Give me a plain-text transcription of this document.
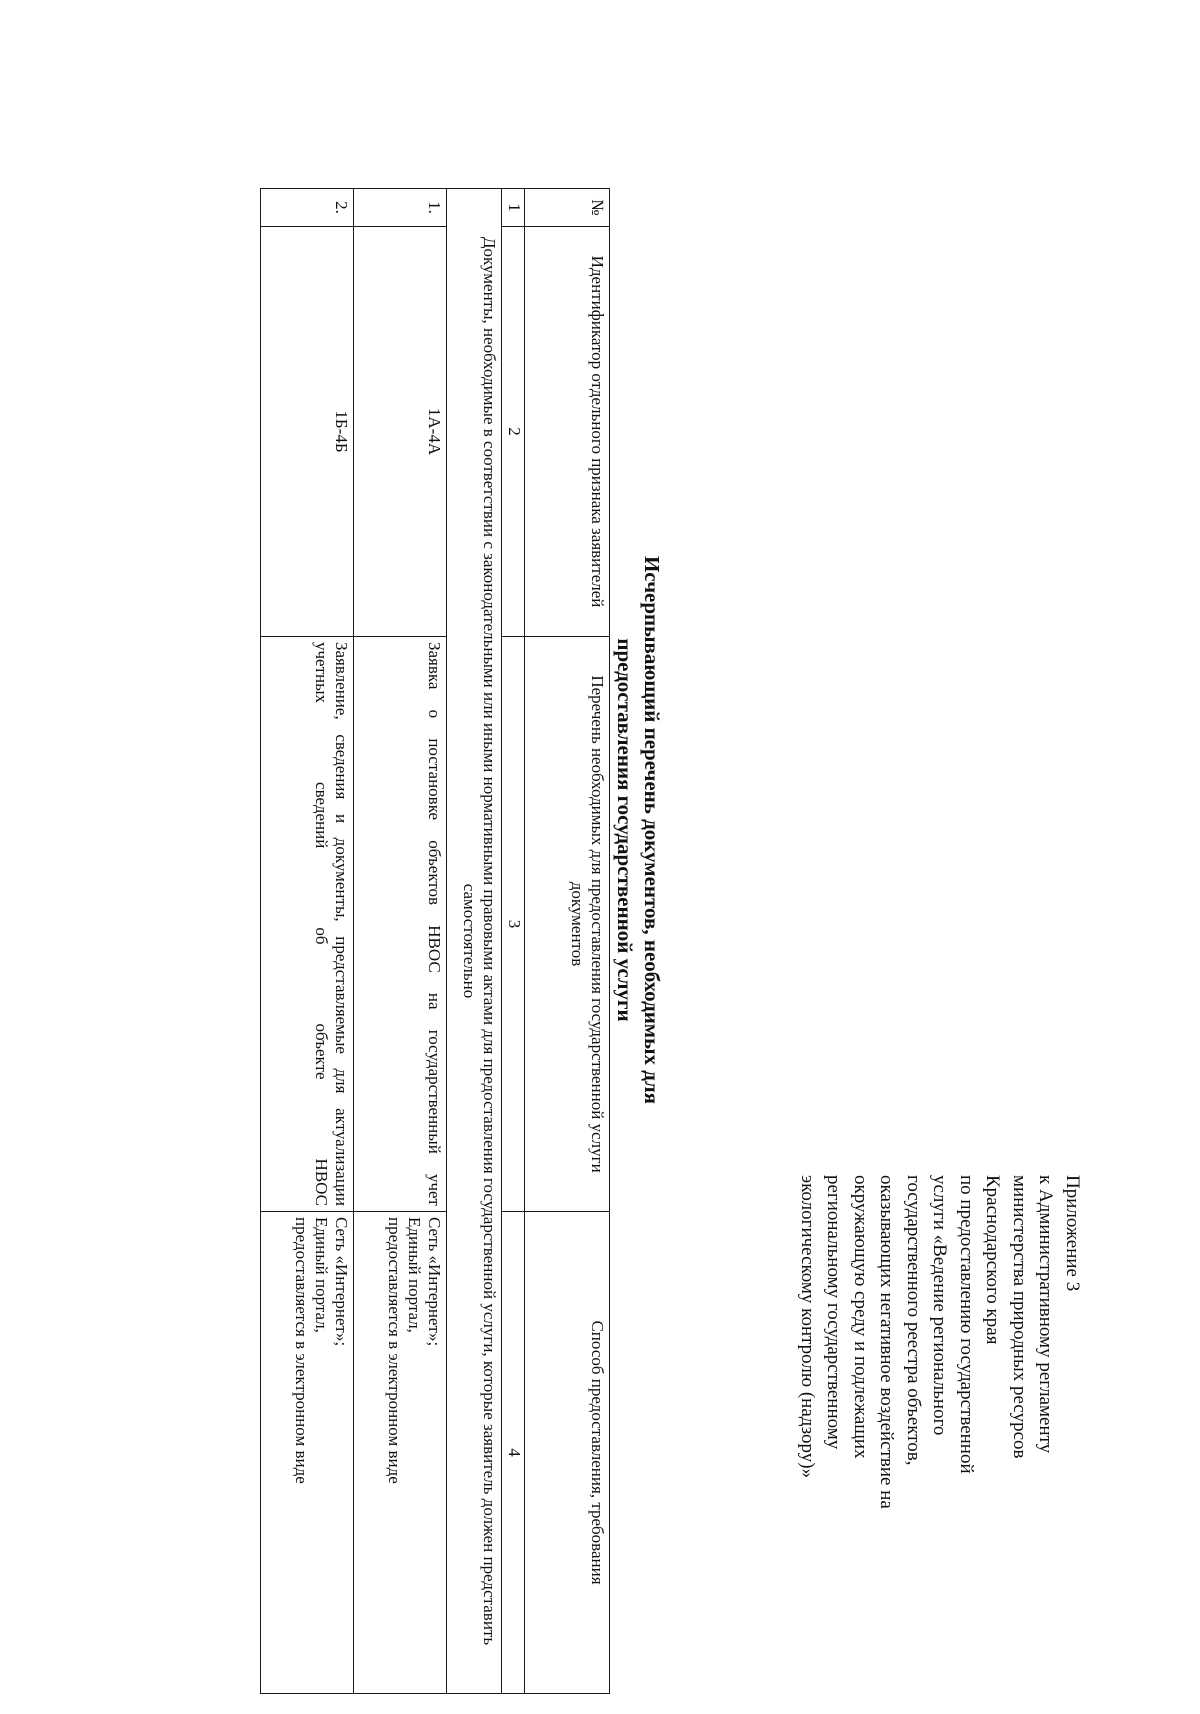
Приложение 3
к Административному регламенту
министерства природных ресурсов
Краснодарского края
по предоставлению государственной
услуги «Ведение регионального
государственного реестра объектов,
оказывающих негативное воздействие на
окружающую среду и подлежащих
региональному государственному
экологическому контролю (надзору)»
Исчерпывающий перечень документов, необходимых для
предоставления государственной услуги
№	Идентификатор отдельного признака заявителей	Перечень необходимых для предоставления государственной услуги документов	Способ предоставления, требования
1	2	3	4
Документы, необходимые в соответствии с законодательными или иными нормативными правовыми актами для предоставления государственной услуги, которые заявитель должен представить самостоятельно			
1.	1А-4А	Заявка о постановке объектов НВОС на государственный учет	Сеть «Интернет»;
Единый портал,
предоставляется в электронном виде

2.	1Б-4Б	Заявление, сведения и документы, представляемые для актуализации учетных сведений об объекте НВОС	Сеть «Интернет»;
Единый портал,
предоставляется в электронном виде
